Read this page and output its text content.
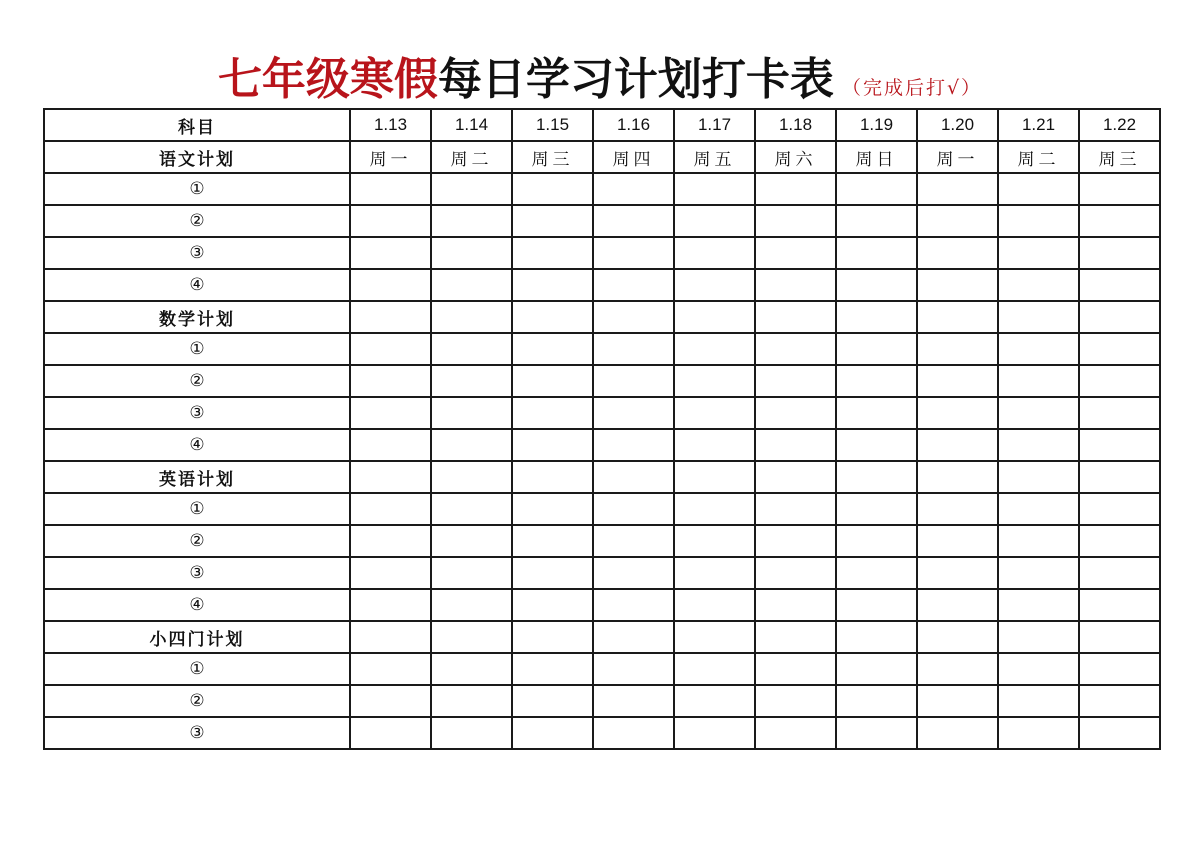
七年级寒假每日学习计划打卡表 （完成后打√）
科目	1.13	1.14	1.15	1.16	1.17	1.18	1.19	1.20	1.21	1.22
语文计划	周一	周二	周三	周四	周五	周六	周日	周一	周二	周三
①										
②										
③										
④										
数学计划										
①										
②										
③										
④										
英语计划										
①										
②										
③										
④										
小四门计划										
①										
②										
③										
